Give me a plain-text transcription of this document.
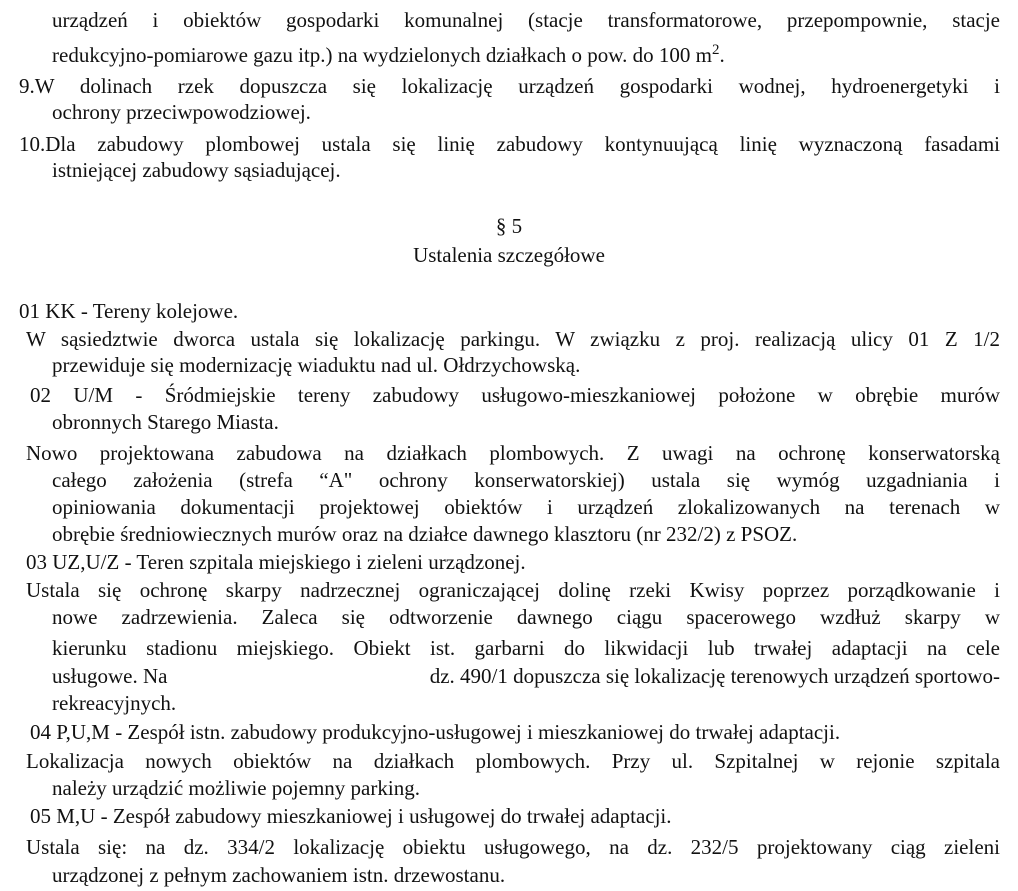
urządzeń i obiektów gospodarki komunalnej (stacje transformatorowe, przepompownie, stacje
redukcyjno-pomiarowe gazu itp.) na wydzielonych działkach o pow. do 100 $m^2$.
9.W dolinach rzek dopuszcza się lokalizację urządzeń gospodarki wodnej, hydroenergetyki i
ochrony przeciwpowodziowej.
10.Dla zabudowy plombowej ustala się linię zabudowy kontynuującą linię wyznaczoną fasadami
istniejącej zabudowy sąsiadującej.
§ 5
Ustalenia szczegółowe
01 KK - Tereny kolejowe.
W sąsiedztwie dworca ustala się lokalizację parkingu. W związku z proj. realizacją ulicy 01 Z 1/2
przewiduje się modernizację wiaduktu nad ul. Ołdrzychowską.
02 U/M - Śródmiejskie tereny zabudowy usługowo-mieszkaniowej położone w obrębie murów
obronnych Starego Miasta.
Nowo projektowana zabudowa na działkach plombowych. Z uwagi na ochronę konserwatorską
całego założenia (strefa “A" ochrony konserwatorskiej) ustala się wymóg uzgadniania i
opiniowania dokumentacji projektowej obiektów i urządzeń zlokalizowanych na terenach w
obrębie średniowiecznych murów oraz na działce dawnego klasztoru (nr 232/2) z PSOZ.
03 UZ,U/Z - Teren szpitala miejskiego i zieleni urządzonej.
Ustala się ochronę skarpy nadrzecznej ograniczającej dolinę rzeki Kwisy poprzez porządkowanie i
nowe zadrzewienia. Zaleca się odtworzenie dawnego ciągu spacerowego wzdłuż skarpy w
kierunku stadionu miejskiego. Obiekt ist. garbarni do likwidacji lub trwałej adaptacji na cele
usługowe. Na	dz. 490/1 dopuszcza się lokalizację terenowych urządzeń sportowo-
rekreacyjnych.
04 P,U,M - Zespół istn. zabudowy produkcyjno-usługowej i mieszkaniowej do trwałej adaptacji.
Lokalizacja nowych obiektów na działkach plombowych. Przy ul. Szpitalnej w rejonie szpitala
należy urządzić możliwie pojemny parking.
05 M,U - Zespół zabudowy mieszkaniowej i usługowej do trwałej adaptacji.
Ustala się: na dz. 334/2 lokalizację obiektu usługowego, na dz. 232/5 projektowany ciąg zieleni
urządzonej z pełnym zachowaniem istn. drzewostanu.
